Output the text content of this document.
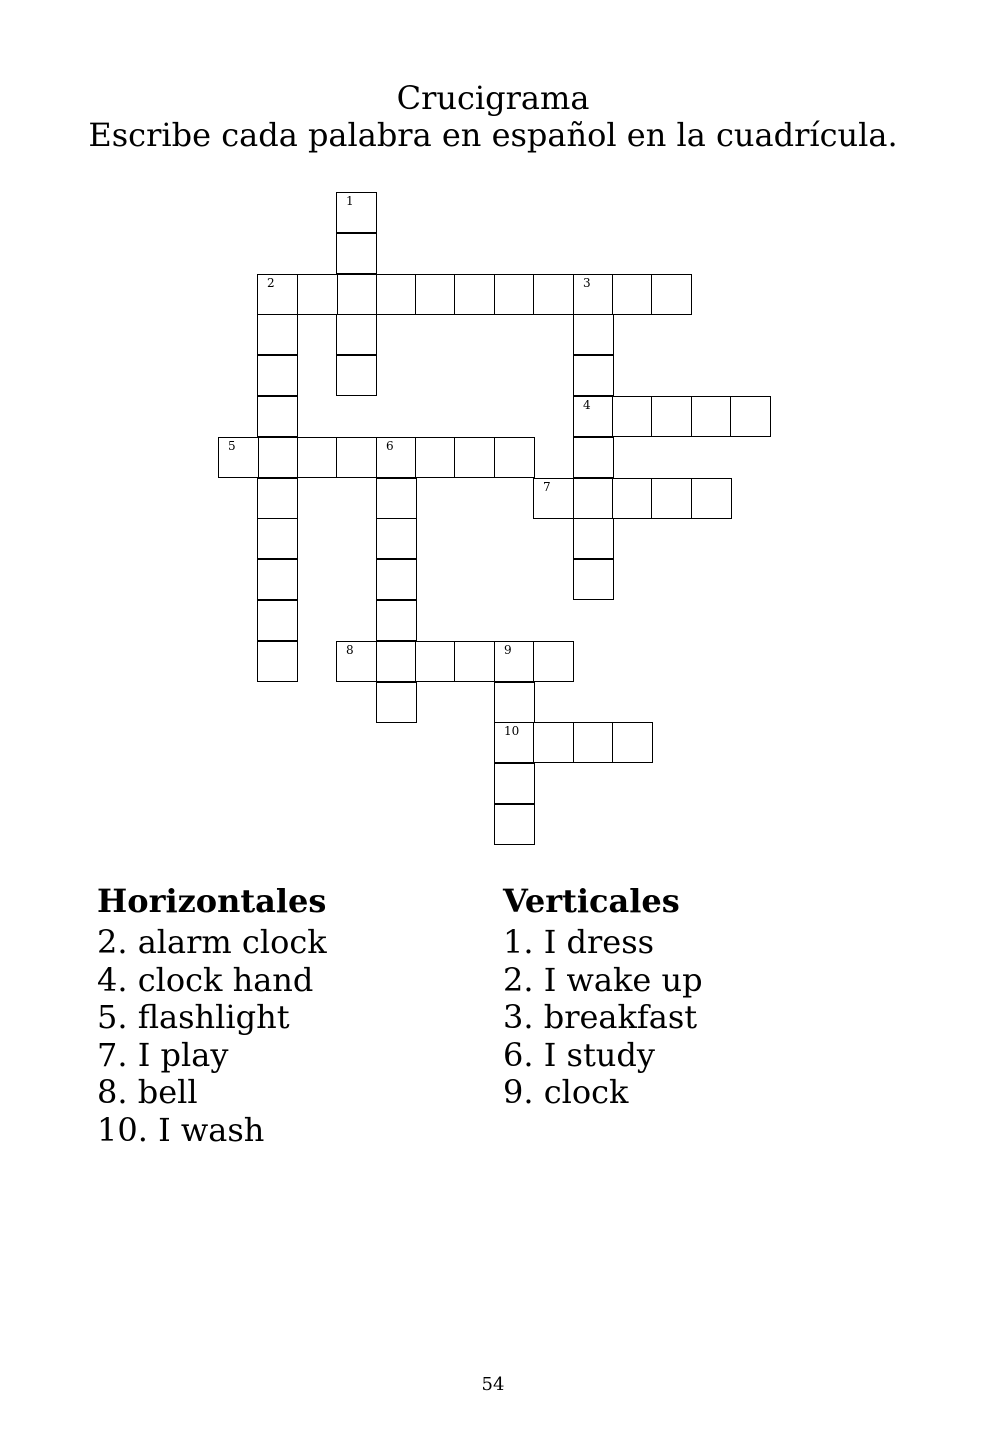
Crucigrama
Escribe cada palabra en español en la cuadrícula.
1
2	3
4
5	6
7
8	9
10
Horizontales
2. alarm clock
4. clock hand
5. flashlight
7. I play
8. bell
10. I wash
Verticales
1. I dress
2. I wake up
3. breakfast
6. I study
9. clock
54
